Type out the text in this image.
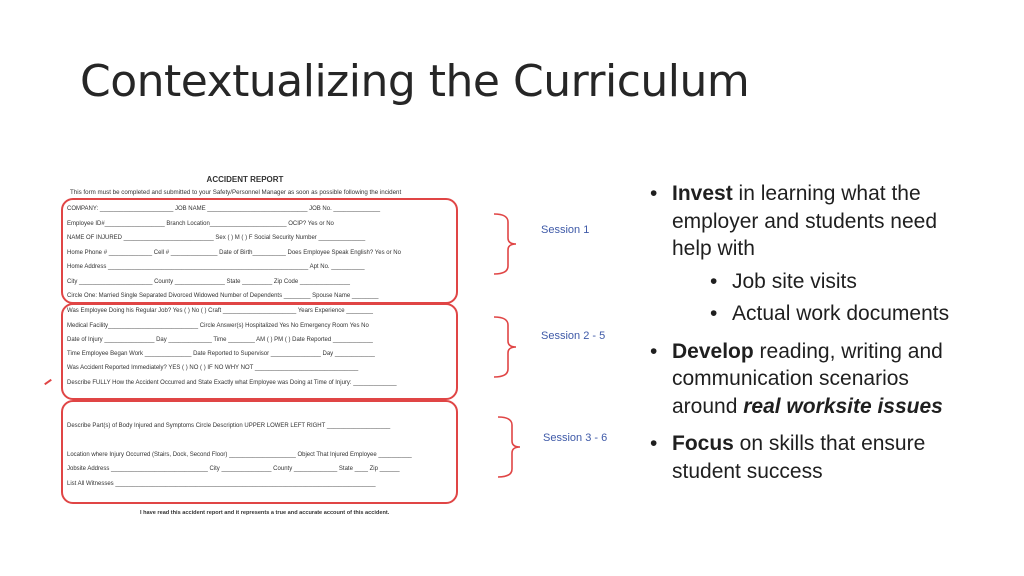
Contextualizing the Curriculum
ACCIDENT REPORT
This form must be completed and submitted to your Safety/Personnel Manager as soon as possible following the incident
COMPANY: ______________________ JOB NAME ______________________________ JOB No. ______________
Employee ID#__________________ Branch Location_______________________ OCIP? Yes or No
NAME OF INJURED ___________________________ Sex ( ) M ( ) F Social Security Number ______________
Home Phone # _____________ Cell # ______________ Date of Birth__________ Does Employee Speak English? Yes or No
Home Address ____________________________________________________________ Apt No. __________
City ______________________ County _______________ State _________ Zip Code _______________
Circle One: Married Single Separated Divorced Widowed Number of Dependents ________ Spouse Name ________
Was Employee Doing his Regular Job? Yes ( ) No ( ) Craft ______________________ Years Experience ________
Medical Facility___________________________ Circle Answer(s) Hospitalized Yes No Emergency Room Yes No
Date of Injury _______________ Day _____________ Time ________ AM ( ) PM ( ) Date Reported ____________
Time Employee Began Work ______________ Date Reported to Supervisor _______________ Day ____________
Was Accident Reported Immediately? YES ( ) NO ( ) IF NO WHY NOT _______________________________
Describe FULLY How the Accident Occurred and State Exactly what Employee was Doing at Time of Injury: _____________
Describe Part(s) of Body Injured and Symptoms Circle Description UPPER LOWER LEFT RIGHT ___________________
Location where Injury Occurred (Stairs, Dock, Second Floor) ____________________ Object That Injured Employee __________
Jobsite Address _____________________________ City _______________ County _____________ State ____ Zip ______
List All Witnesses ______________________________________________________________________________
I have read this accident report and it represents a true and accurate account of this accident.
Session 1
Session 2 - 5
Session 3 - 6
• Invest in learning what the employer and students need help with
• Job site visits
• Actual work documents
• Develop reading, writing and communication scenarios around real worksite issues
• Focus on skills that ensure student success
